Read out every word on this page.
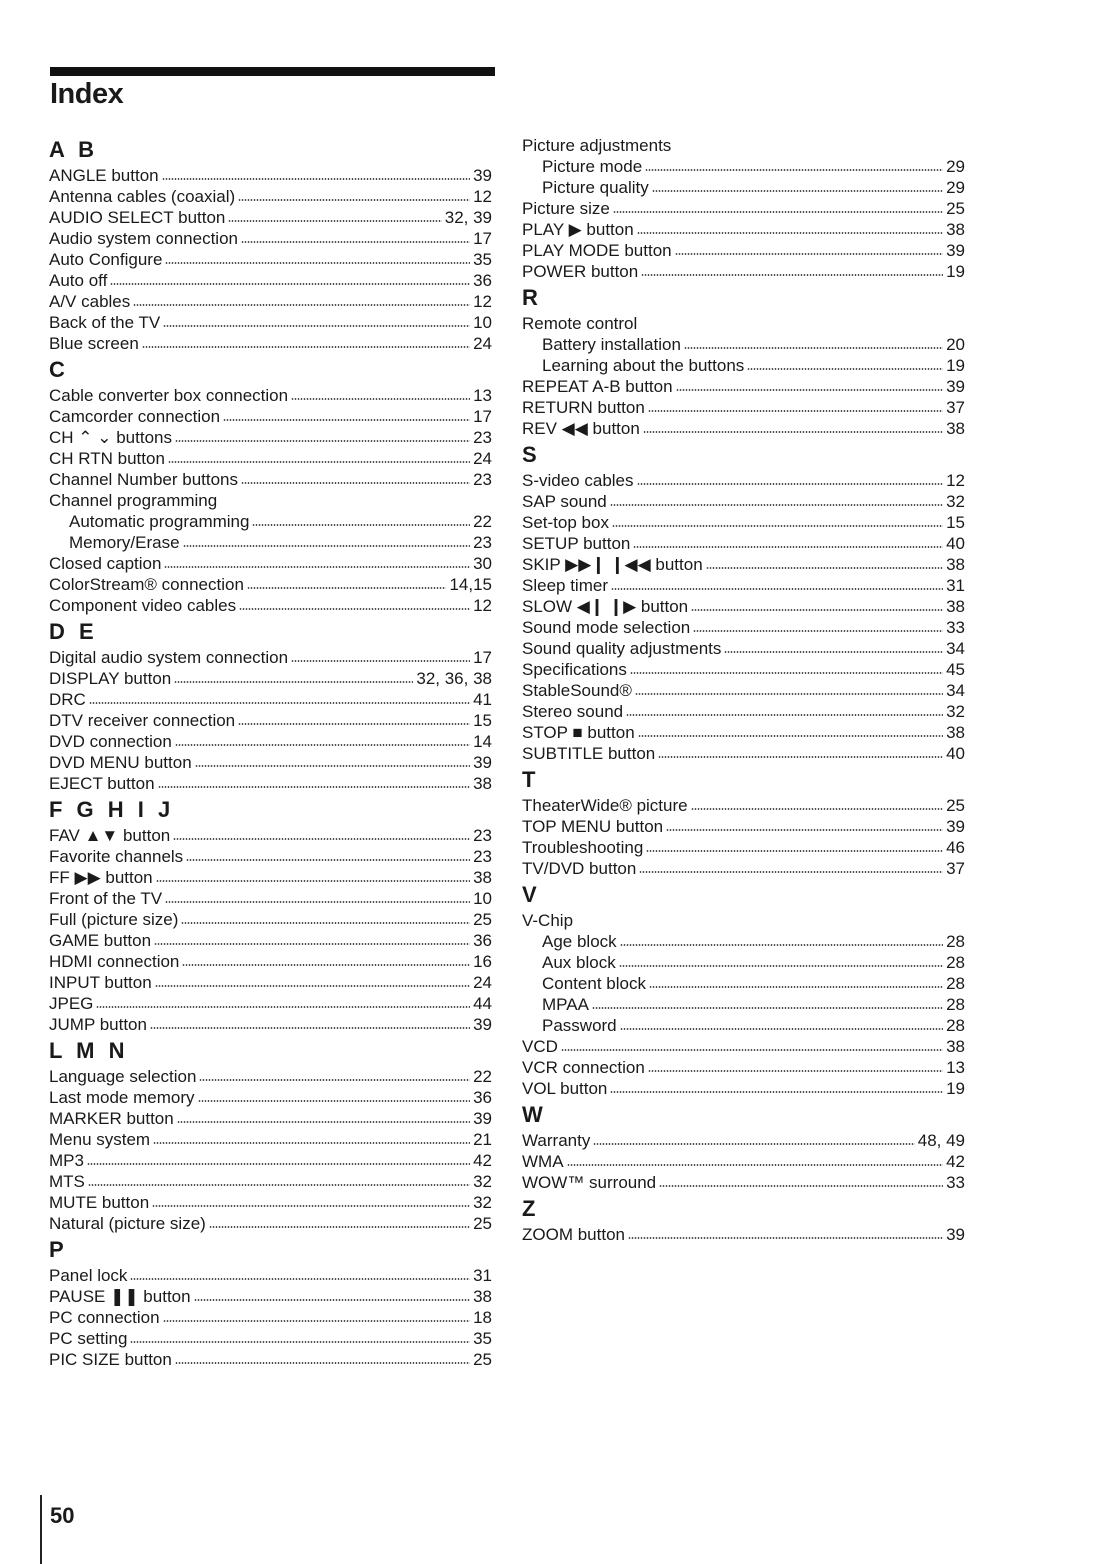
Index
A B
ANGLE button	39
Antenna cables (coaxial)	12
AUDIO SELECT button	32, 39
Audio system connection	17
Auto Configure	35
Auto off	36
A/V cables	12
Back of the TV	10
Blue screen	24
C
Cable converter box connection	13
Camcorder connection	17
CH ⌃ ⌄ buttons	23
CH RTN button	24
Channel Number buttons	23
Channel programming
Automatic programming	22
Memory/Erase	23
Closed caption	30
ColorStream® connection	14,15
Component video cables	12
D E
Digital audio system connection	17
DISPLAY button	32, 36, 38
DRC	41
DTV receiver connection	15
DVD connection	14
DVD MENU button	39
EJECT button	38
F G H I J
FAV ▲▼ button	23
Favorite channels	23
FF ▶▶ button	38
Front of the TV	10
Full (picture size)	25
GAME button	36
HDMI connection	16
INPUT button	24
JPEG	44
JUMP button	39
L M N
Language selection	22
Last mode memory	36
MARKER button	39
Menu system	21
MP3	42
MTS	32
MUTE button	32
Natural (picture size)	25
P
Panel lock	31
PAUSE ❚❚ button	38
PC connection	18
PC setting	35
PIC SIZE button	25
Picture adjustments
Picture mode	29
Picture quality	29
Picture size	25
PLAY ▶ button	38
PLAY MODE button	39
POWER button	19
R
Remote control
Battery installation	20
Learning about the buttons	19
REPEAT A-B button	39
RETURN button	37
REV ◀◀ button	38
S
S-video cables	12
SAP sound	32
Set-top box	15
SETUP button	40
SKIP ▶▶❙ ❙◀◀ button	38
Sleep timer	31
SLOW ◀❙ ❙▶ button	38
Sound mode selection	33
Sound quality adjustments	34
Specifications	45
StableSound®	34
Stereo sound	32
STOP ■ button	38
SUBTITLE button	40
T
TheaterWide® picture	25
TOP MENU button	39
Troubleshooting	46
TV/DVD button	37
V
V-Chip
Age block	28
Aux block	28
Content block	28
MPAA	28
Password	28
VCD	38
VCR connection	13
VOL button	19
W
Warranty	48, 49
WMA	42
WOW™ surround	33
Z
ZOOM button	39
50
